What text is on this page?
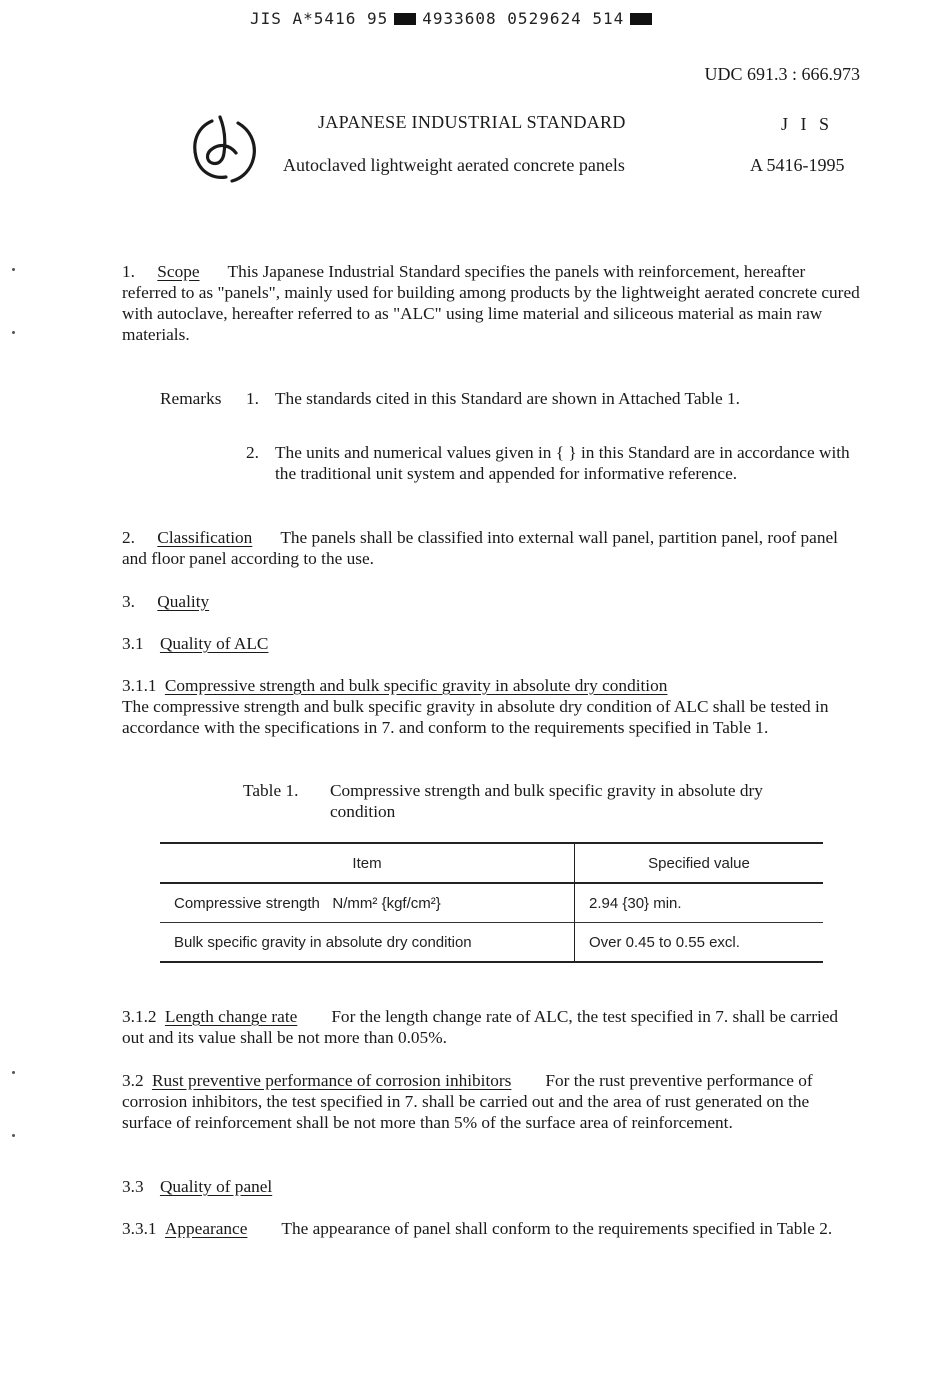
JIS A*5416 95 4933608 0529624 514
UDC 691.3 : 666.973
JAPANESE INDUSTRIAL STANDARD	J I S
Autoclaved lightweight aerated concrete panels	A 5416-1995

1. Scope This Japanese Industrial Standard specifies the panels with reinforcement, hereafter referred to as "panels", mainly used for building among products by the lightweight aerated concrete cured with autoclave, hereafter referred to as "ALC" using lime material and siliceous material as main raw materials.

Remarks 1. The standards cited in this Standard are shown in Attached Table 1.
2. The units and numerical values given in { } in this Standard are in accordance with the traditional unit system and appended for informative reference.

2. Classification The panels shall be classified into external wall panel, partition panel, roof panel and floor panel according to the use.

3. Quality

3.1 Quality of ALC

3.1.1 Compressive strength and bulk specific gravity in absolute dry condition
The compressive strength and bulk specific gravity in absolute dry condition of ALC shall be tested in accordance with the specifications in 7. and conform to the requirements specified in Table 1.

Table 1.	Compressive strength and bulk specific gravity in absolute dry condition
Item	Specified value
Compressive strength N/mm² {kgf/cm²}	2.94 {30} min.
Bulk specific gravity in absolute dry condition	Over 0.45 to 0.55 excl.

3.1.2 Length change rate For the length change rate of ALC, the test specified in 7. shall be carried out and its value shall be not more than 0.05%.

3.2 Rust preventive performance of corrosion inhibitors For the rust preventive performance of corrosion inhibitors, the test specified in 7. shall be carried out and the area of rust generated on the surface of reinforcement shall be not more than 5% of the surface area of reinforcement.

3.3 Quality of panel

3.3.1 Appearance The appearance of panel shall conform to the requirements specified in Table 2.
